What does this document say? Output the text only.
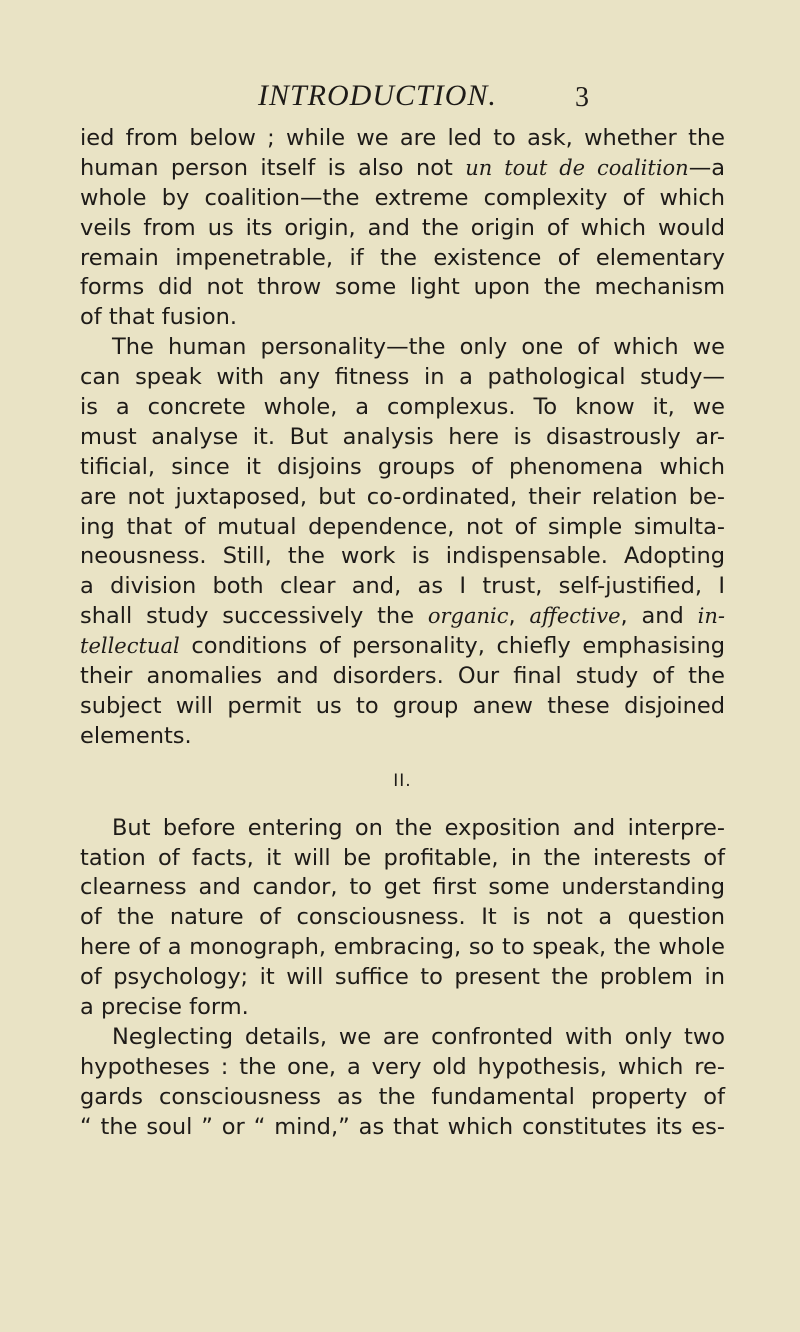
INTRODUCTION.	3
ied from below ; while we are led to ask, whether the
human person itself is also not un tout de coalition—a
whole by coalition—the extreme complexity of which
veils from us its origin, and the origin of which would
remain impenetrable, if the existence of elementary
forms did not throw some light upon the mechanism
of that fusion.
The human personality—the only one of which we
can speak with any fitness in a pathological study—
is a concrete whole, a complexus. To know it, we
must analyse it. But analysis here is disastrously ar-
tificial, since it disjoins groups of phenomena which
are not juxtaposed, but co-ordinated, their relation be-
ing that of mutual dependence, not of simple simulta-
neousness. Still, the work is indispensable. Adopting
a division both clear and, as I trust, self-justified, I
shall study successively the organic, affective, and in-
tellectual conditions of personality, chiefly emphasising
their anomalies and disorders. Our final study of the
subject will permit us to group anew these disjoined
elements.
II.
But before entering on the exposition and interpre-
tation of facts, it will be profitable, in the interests of
clearness and candor, to get first some understanding
of the nature of consciousness. It is not a question
here of a monograph, embracing, so to speak, the whole
of psychology; it will suffice to present the problem in
a precise form.
Neglecting details, we are confronted with only two
hypotheses : the one, a very old hypothesis, which re-
gards consciousness as the fundamental property of
“ the soul ” or “ mind,” as that which constitutes its es-
